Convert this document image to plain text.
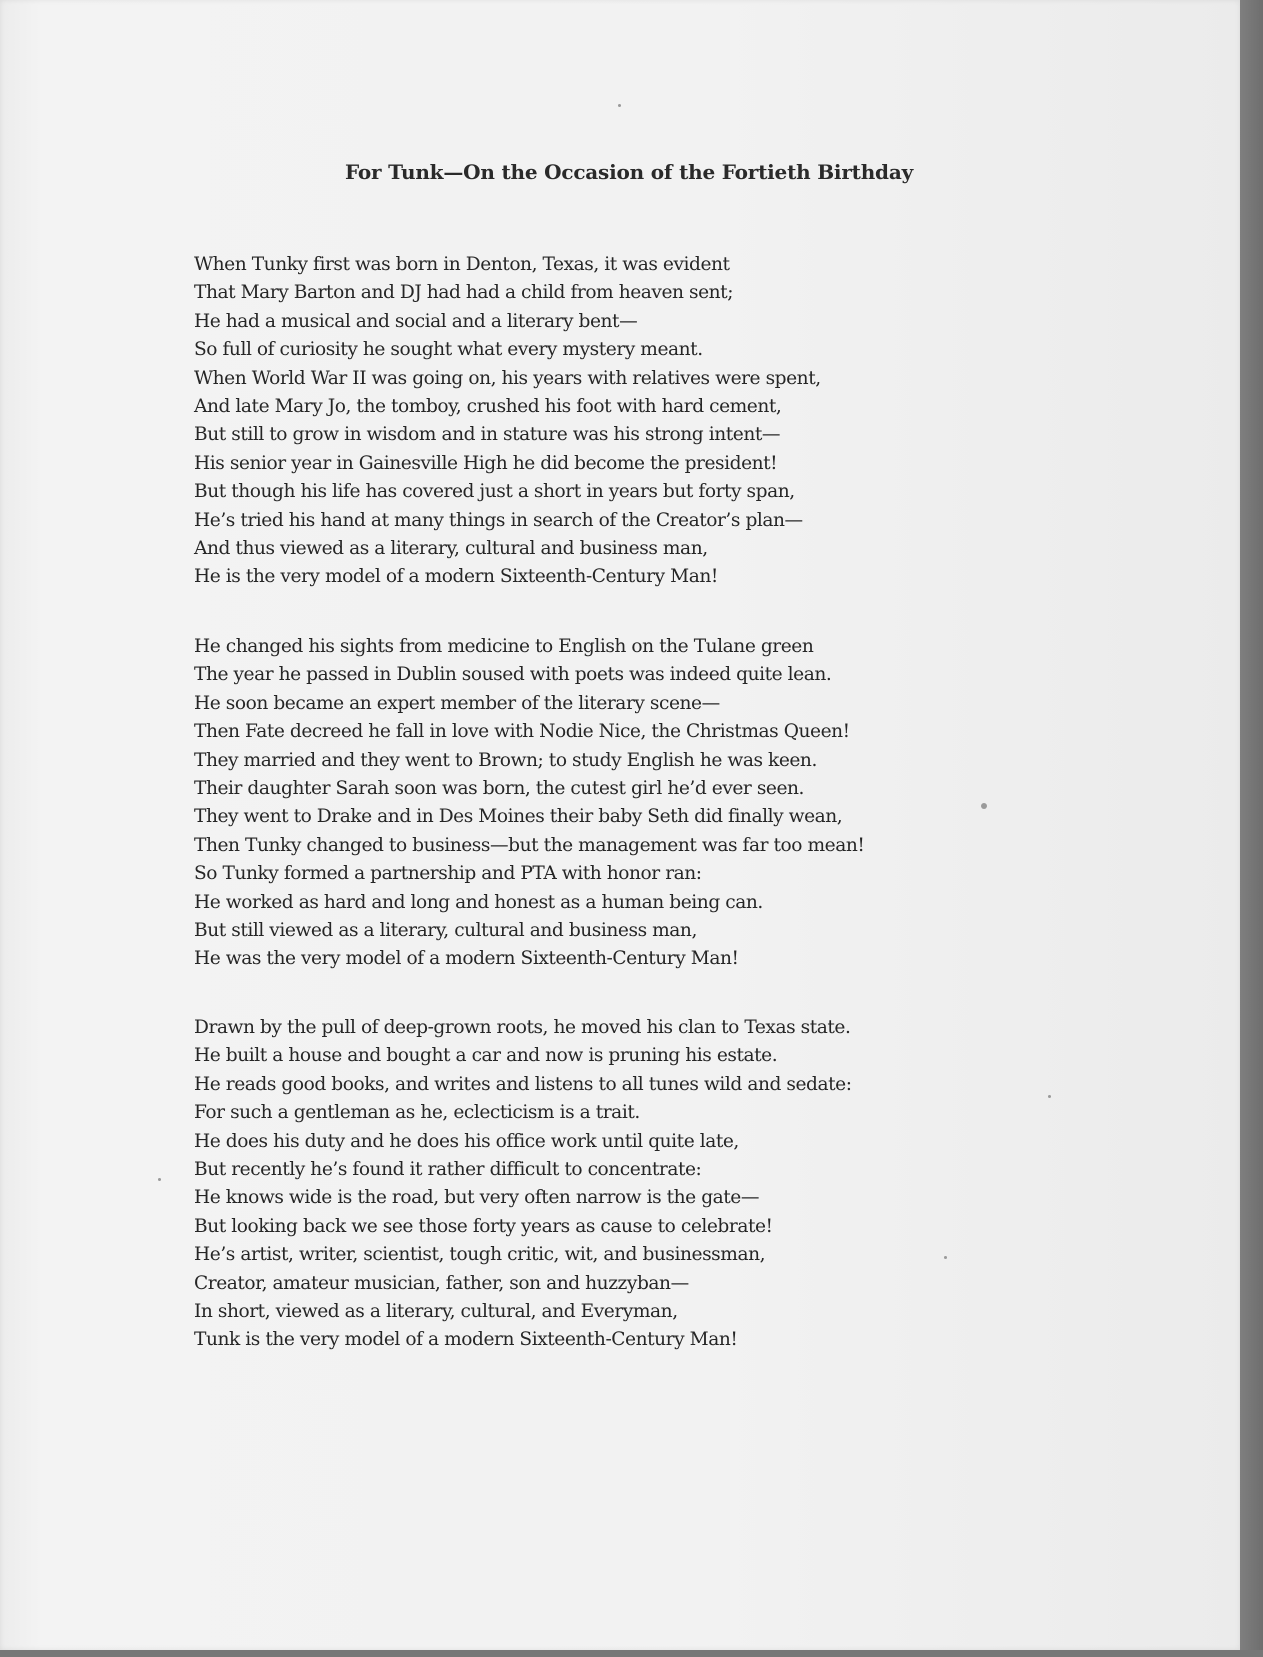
For Tunk—On the Occasion of the Fortieth Birthday
When Tunky first was born in Denton, Texas, it was evident
That Mary Barton and DJ had had a child from heaven sent;
He had a musical and social and a literary bent—
So full of curiosity he sought what every mystery meant.
When World War II was going on, his years with relatives were spent,
And late Mary Jo, the tomboy, crushed his foot with hard cement,
But still to grow in wisdom and in stature was his strong intent—
His senior year in Gainesville High he did become the president!
But though his life has covered just a short in years but forty span,
He’s tried his hand at many things in search of the Creator’s plan—
And thus viewed as a literary, cultural and business man,
He is the very model of a modern Sixteenth-Century Man!
He changed his sights from medicine to English on the Tulane green
The year he passed in Dublin soused with poets was indeed quite lean.
He soon became an expert member of the literary scene—
Then Fate decreed he fall in love with Nodie Nice, the Christmas Queen!
They married and they went to Brown; to study English he was keen.
Their daughter Sarah soon was born, the cutest girl he’d ever seen.
They went to Drake and in Des Moines their baby Seth did finally wean,
Then Tunky changed to business—but the management was far too mean!
So Tunky formed a partnership and PTA with honor ran:
He worked as hard and long and honest as a human being can.
But still viewed as a literary, cultural and business man,
He was the very model of a modern Sixteenth-Century Man!
Drawn by the pull of deep-grown roots, he moved his clan to Texas state.
He built a house and bought a car and now is pruning his estate.
He reads good books, and writes and listens to all tunes wild and sedate:
For such a gentleman as he, eclecticism is a trait.
He does his duty and he does his office work until quite late,
But recently he’s found it rather difficult to concentrate:
He knows wide is the road, but very often narrow is the gate—
But looking back we see those forty years as cause to celebrate!
He’s artist, writer, scientist, tough critic, wit, and businessman,
Creator, amateur musician, father, son and huzzyban—
In short, viewed as a literary, cultural, and Everyman,
Tunk is the very model of a modern Sixteenth-Century Man!
